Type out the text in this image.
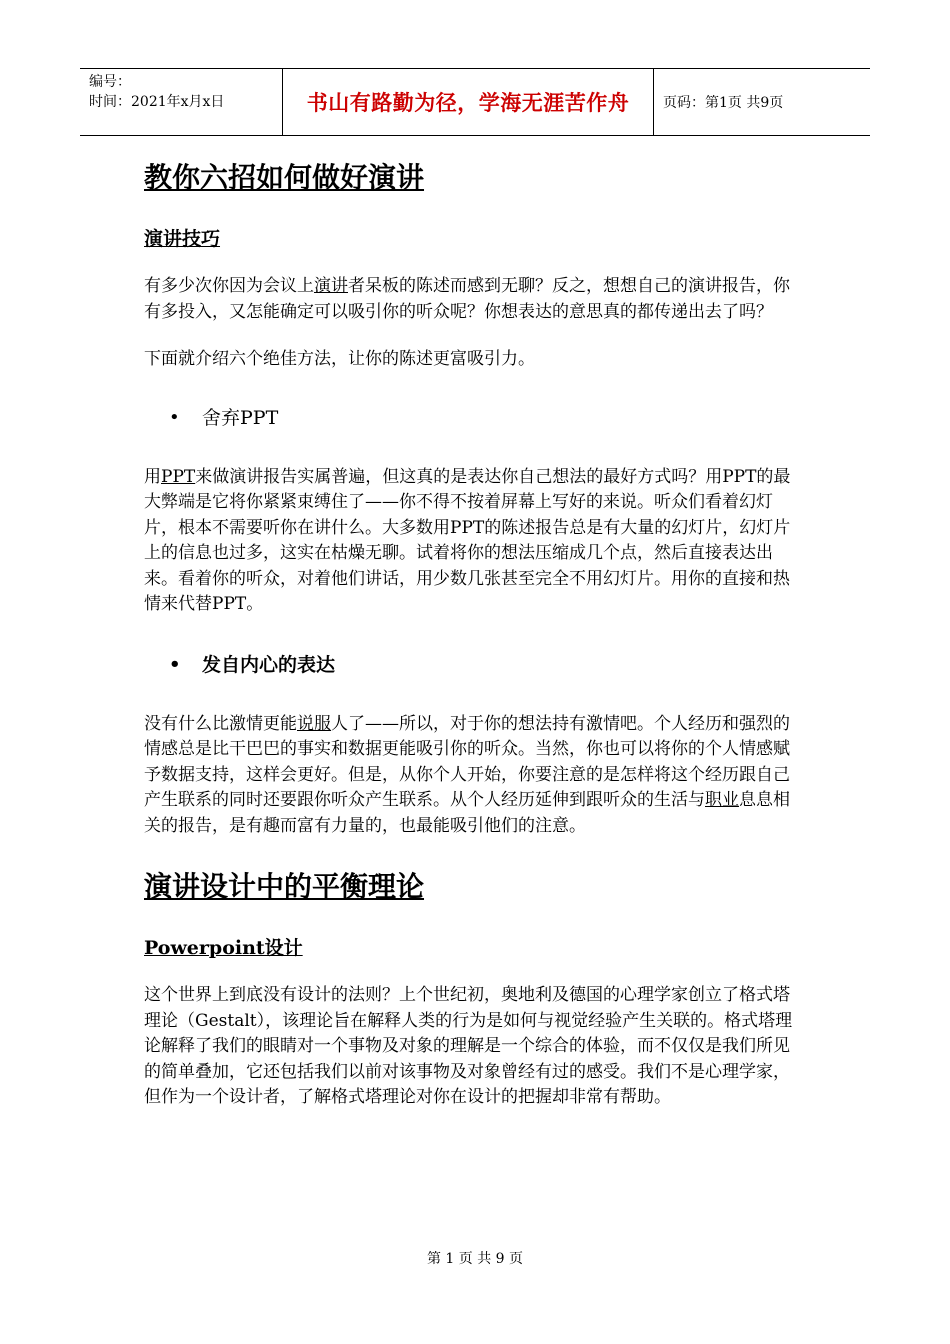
编号：
时间：2021年x月x日	书山有路勤为径，学海无涯苦作舟 页码：第1页 共9页
教你六招如何做好演讲
演讲技巧

有多少次你因为会议上演讲者呆板的陈述而感到无聊？反之，想想自己的演讲报告，你有多投入，又怎能确定可以吸引你的听众呢？你想表达的意思真的都传递出去了吗？

下面就介绍六个绝佳方法，让你的陈述更富吸引力。

•	舍弃PPT

用PPT来做演讲报告实属普遍，但这真的是表达你自己想法的最好方式吗？用PPT的最大弊端是它将你紧紧束缚住了——你不得不按着屏幕上写好的来说。听众们看着幻灯片，根本不需要听你在讲什么。大多数用PPT的陈述报告总是有大量的幻灯片，幻灯片上的信息也过多，这实在枯燥无聊。试着将你的想法压缩成几个点，然后直接表达出来。看着你的听众，对着他们讲话，用少数几张甚至完全不用幻灯片。用你的直接和热情来代替PPT。

•	发自内心的表达

没有什么比激情更能说服人了——所以，对于你的想法持有激情吧。个人经历和强烈的情感总是比干巴巴的事实和数据更能吸引你的听众。当然，你也可以将你的个人情感赋予数据支持，这样会更好。但是，从你个人开始，你要注意的是怎样将这个经历跟自己产生联系的同时还要跟你听众产生联系。从个人经历延伸到跟听众的生活与职业息息相关的报告，是有趣而富有力量的，也最能吸引他们的注意。

演讲设计中的平衡理论
Powerpoint设计

这个世界上到底没有设计的法则？上个世纪初，奥地利及德国的心理学家创立了格式塔理论（Gestalt），该理论旨在解释人类的行为是如何与视觉经验产生关联的。格式塔理论解释了我们的眼睛对一个事物及对象的理解是一个综合的体验，而不仅仅是我们所见的简单叠加，它还包括我们以前对该事物及对象曾经有过的感受。我们不是心理学家，但作为一个设计者，了解格式塔理论对你在设计的把握却非常有帮助。

第 1 页 共 9 页
